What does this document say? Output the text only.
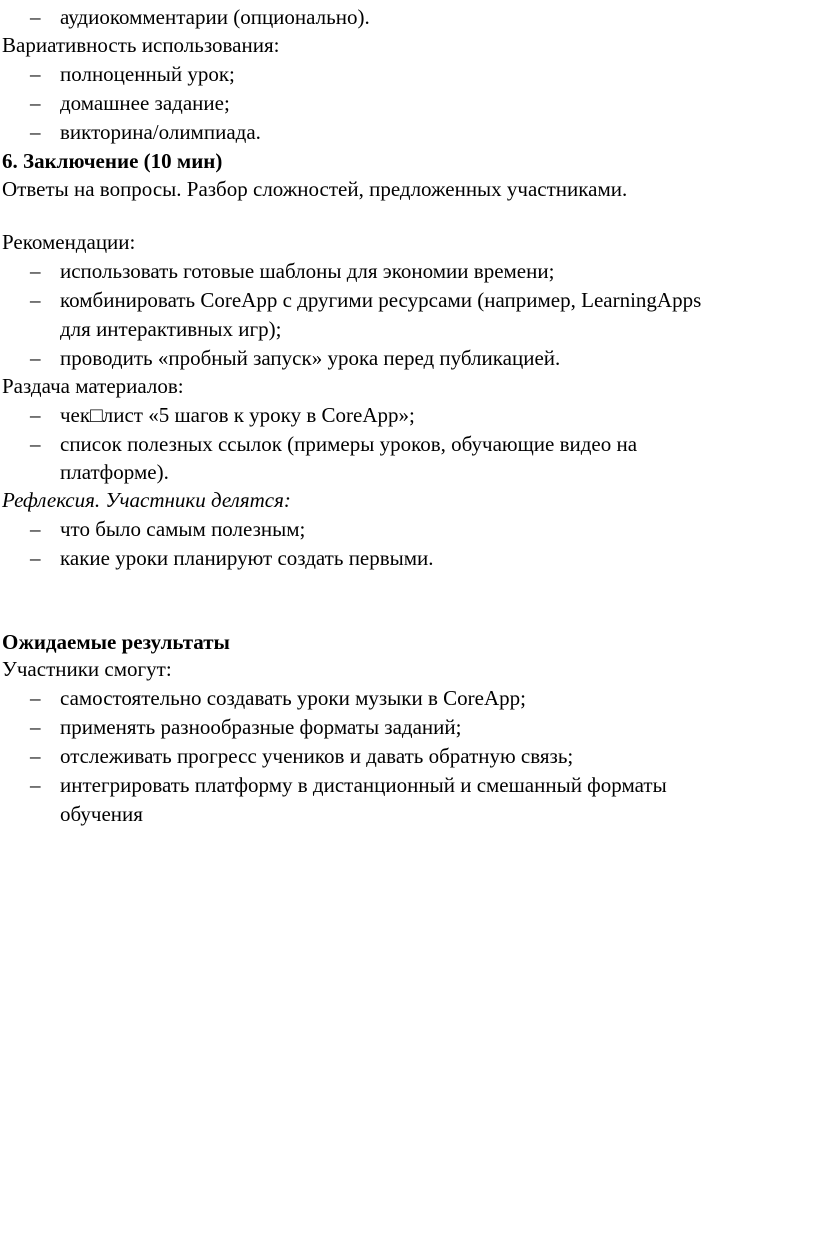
– аудиокомментарии (опционально).
Вариативность использования:
– полноценный урок;
– домашнее задание;
– викторина/олимпиада.
6. Заключение (10 мин)
Ответы на вопросы. Разбор сложностей, предложенных участниками.
Рекомендации:
– использовать готовые шаблоны для экономии времени;
– комбинировать CoreApp с другими ресурсами (например, LearningApps
для интерактивных игр);
– проводить «пробный запуск» урока перед публикацией.
Раздача материалов:
– чек□лист «5 шагов к уроку в CoreApp»;
– список полезных ссылок (примеры уроков, обучающие видео на
платформе).
Рефлексия. Участники делятся:
– что было самым полезным;
– какие уроки планируют создать первыми.
Ожидаемые результаты
Участники смогут:
– самостоятельно создавать уроки музыки в CoreApp;
– применять разнообразные форматы заданий;
– отслеживать прогресс учеников и давать обратную связь;
– интегрировать платформу в дистанционный и смешанный форматы
обучения
